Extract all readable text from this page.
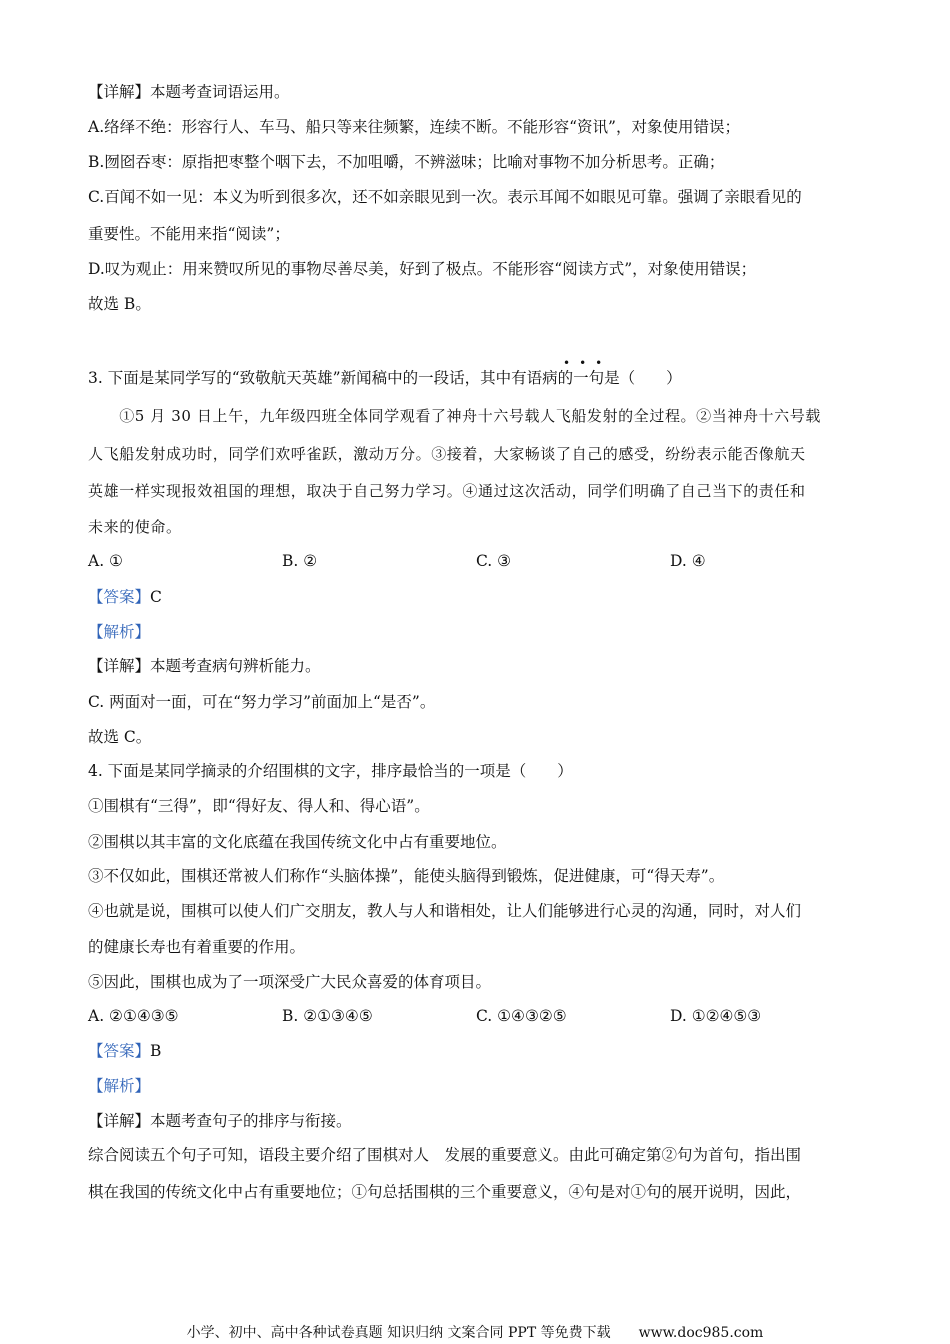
【详解】本题考查词语运用。
A.络绎不绝：形容行人、车马、船只等来往频繁，连续不断。不能形容“资讯”，对象使用错误；
B.囫囵吞枣：原指把枣整个咽下去，不加咀嚼，不辨滋味；比喻对事物不加分析思考。正确；
C.百闻不如一见：本义为听到很多次，还不如亲眼见到一次。表示耳闻不如眼见可靠。强调了亲眼看见的
重要性。不能用来指“阅读”；
D.叹为观止：用来赞叹所见的事物尽善尽美，好到了极点。不能形容“阅读方式”，对象使用错误；
故选 B。
•••
3. 下面是某同学写的“致敬航天英雄”新闻稿中的一段话，其中有语病的一句是（　　）
　　①5 月 30 日上午，九年级四班全体同学观看了神舟十六号载人飞船发射的全过程。②当神舟十六号载
人飞船发射成功时，同学们欢呼雀跃，激动万分。③接着，大家畅谈了自己的感受，纷纷表示能否像航天
英雄一样实现报效祖国的理想，取决于自己努力学习。④通过这次活动，同学们明确了自己当下的责任和
未来的使命。
A. ①	B. ②	C. ③	D. ④
【答案】C
【解析】
【详解】本题考查病句辨析能力。
C. 两面对一面，可在“努力学习”前面加上“是否”。
故选 C。
4. 下面是某同学摘录的介绍围棋的文字，排序最恰当的一项是（　　）
①围棋有“三得”，即“得好友、得人和、得心语”。
②围棋以其丰富的文化底蕴在我国传统文化中占有重要地位。
③不仅如此，围棋还常被人们称作“头脑体操”，能使头脑得到锻炼，促进健康，可“得天寿”。
④也就是说，围棋可以使人们广交朋友，教人与人和谐相处，让人们能够进行心灵的沟通，同时，对人们
的健康长寿也有着重要的作用。
⑤因此，围棋也成为了一项深受广大民众喜爱的体育项目。
A. ②①④③⑤	B. ②①③④⑤	C. ①④③②⑤	D. ①②④⑤③
【答案】B
【解析】
【详解】本题考查句子的排序与衔接。
综合阅读五个句子可知，语段主要介绍了围棋对人　发展的重要意义。由此可确定第②句为首句，指出围
棋在我国的传统文化中占有重要地位；①句总括围棋的三个重要意义，④句是对①句的展开说明，因此，
小学、初中、高中各种试卷真题 知识归纳 文案合同 PPT 等免费下载　　www.doc985.com
